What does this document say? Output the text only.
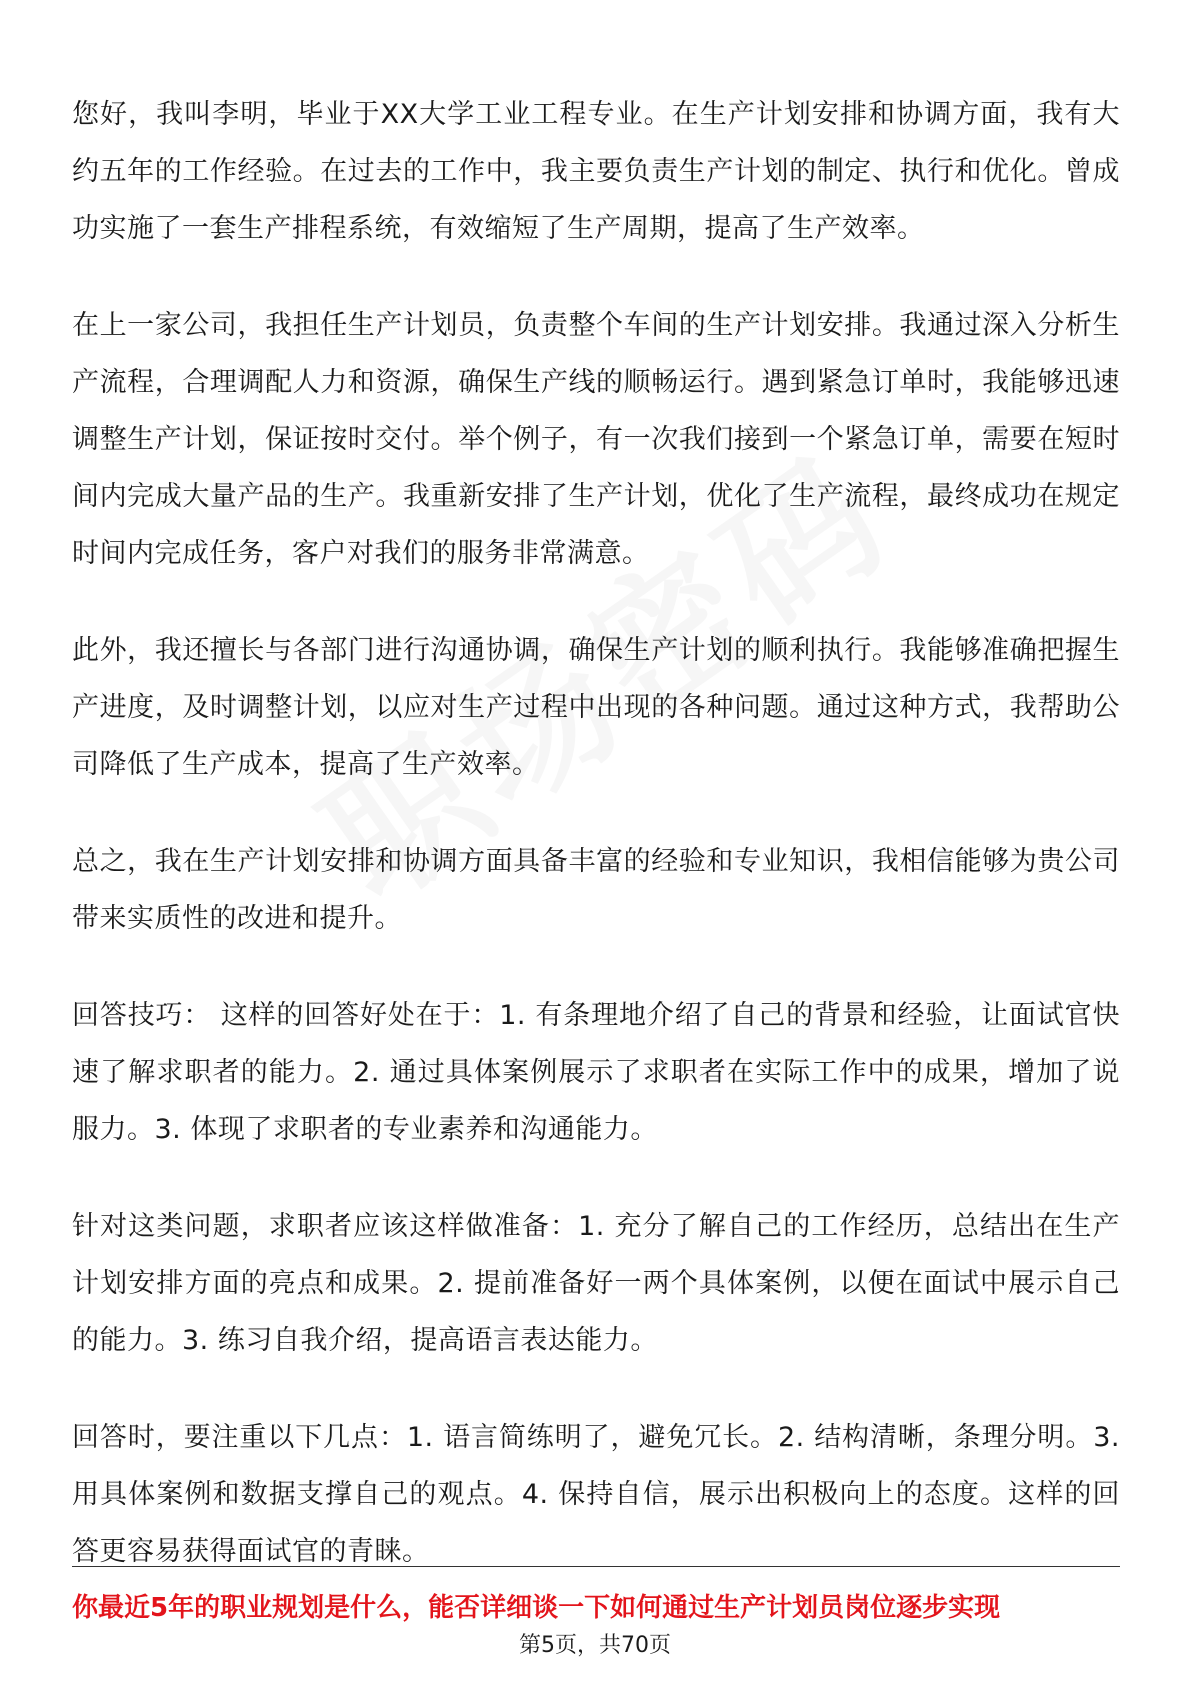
您好，我叫李明，毕业于XX大学工业工程专业。在生产计划安排和协调方面，我有大约五年的工作经验。在过去的工作中，我主要负责生产计划的制定、执行和优化。曾成功实施了一套生产排程系统，有效缩短了生产周期，提高了生产效率。

在上一家公司，我担任生产计划员，负责整个车间的生产计划安排。我通过深入分析生产流程，合理调配人力和资源，确保生产线的顺畅运行。遇到紧急订单时，我能够迅速调整生产计划，保证按时交付。举个例子，有一次我们接到一个紧急订单，需要在短时间内完成大量产品的生产。我重新安排了生产计划，优化了生产流程，最终成功在规定时间内完成任务，客户对我们的服务非常满意。

此外，我还擅长与各部门进行沟通协调，确保生产计划的顺利执行。我能够准确把握生产进度，及时调整计划，以应对生产过程中出现的各种问题。通过这种方式，我帮助公司降低了生产成本，提高了生产效率。

总之，我在生产计划安排和协调方面具备丰富的经验和专业知识，我相信能够为贵公司带来实质性的改进和提升。

回答技巧： 这样的回答好处在于：1. 有条理地介绍了自己的背景和经验，让面试官快速了解求职者的能力。2. 通过具体案例展示了求职者在实际工作中的成果，增加了说服力。3. 体现了求职者的专业素养和沟通能力。

针对这类问题，求职者应该这样做准备：1. 充分了解自己的工作经历，总结出在生产计划安排方面的亮点和成果。2. 提前准备好一两个具体案例，以便在面试中展示自己的能力。3. 练习自我介绍，提高语言表达能力。

回答时，要注重以下几点：1. 语言简练明了，避免冗长。2. 结构清晰，条理分明。3. 用具体案例和数据支撑自己的观点。4. 保持自信，展示出积极向上的态度。这样的回答更容易获得面试官的青睐。

你最近5年的职业规划是什么，能否详细谈一下如何通过生产计划员岗位逐步实现
第5页，共70页
